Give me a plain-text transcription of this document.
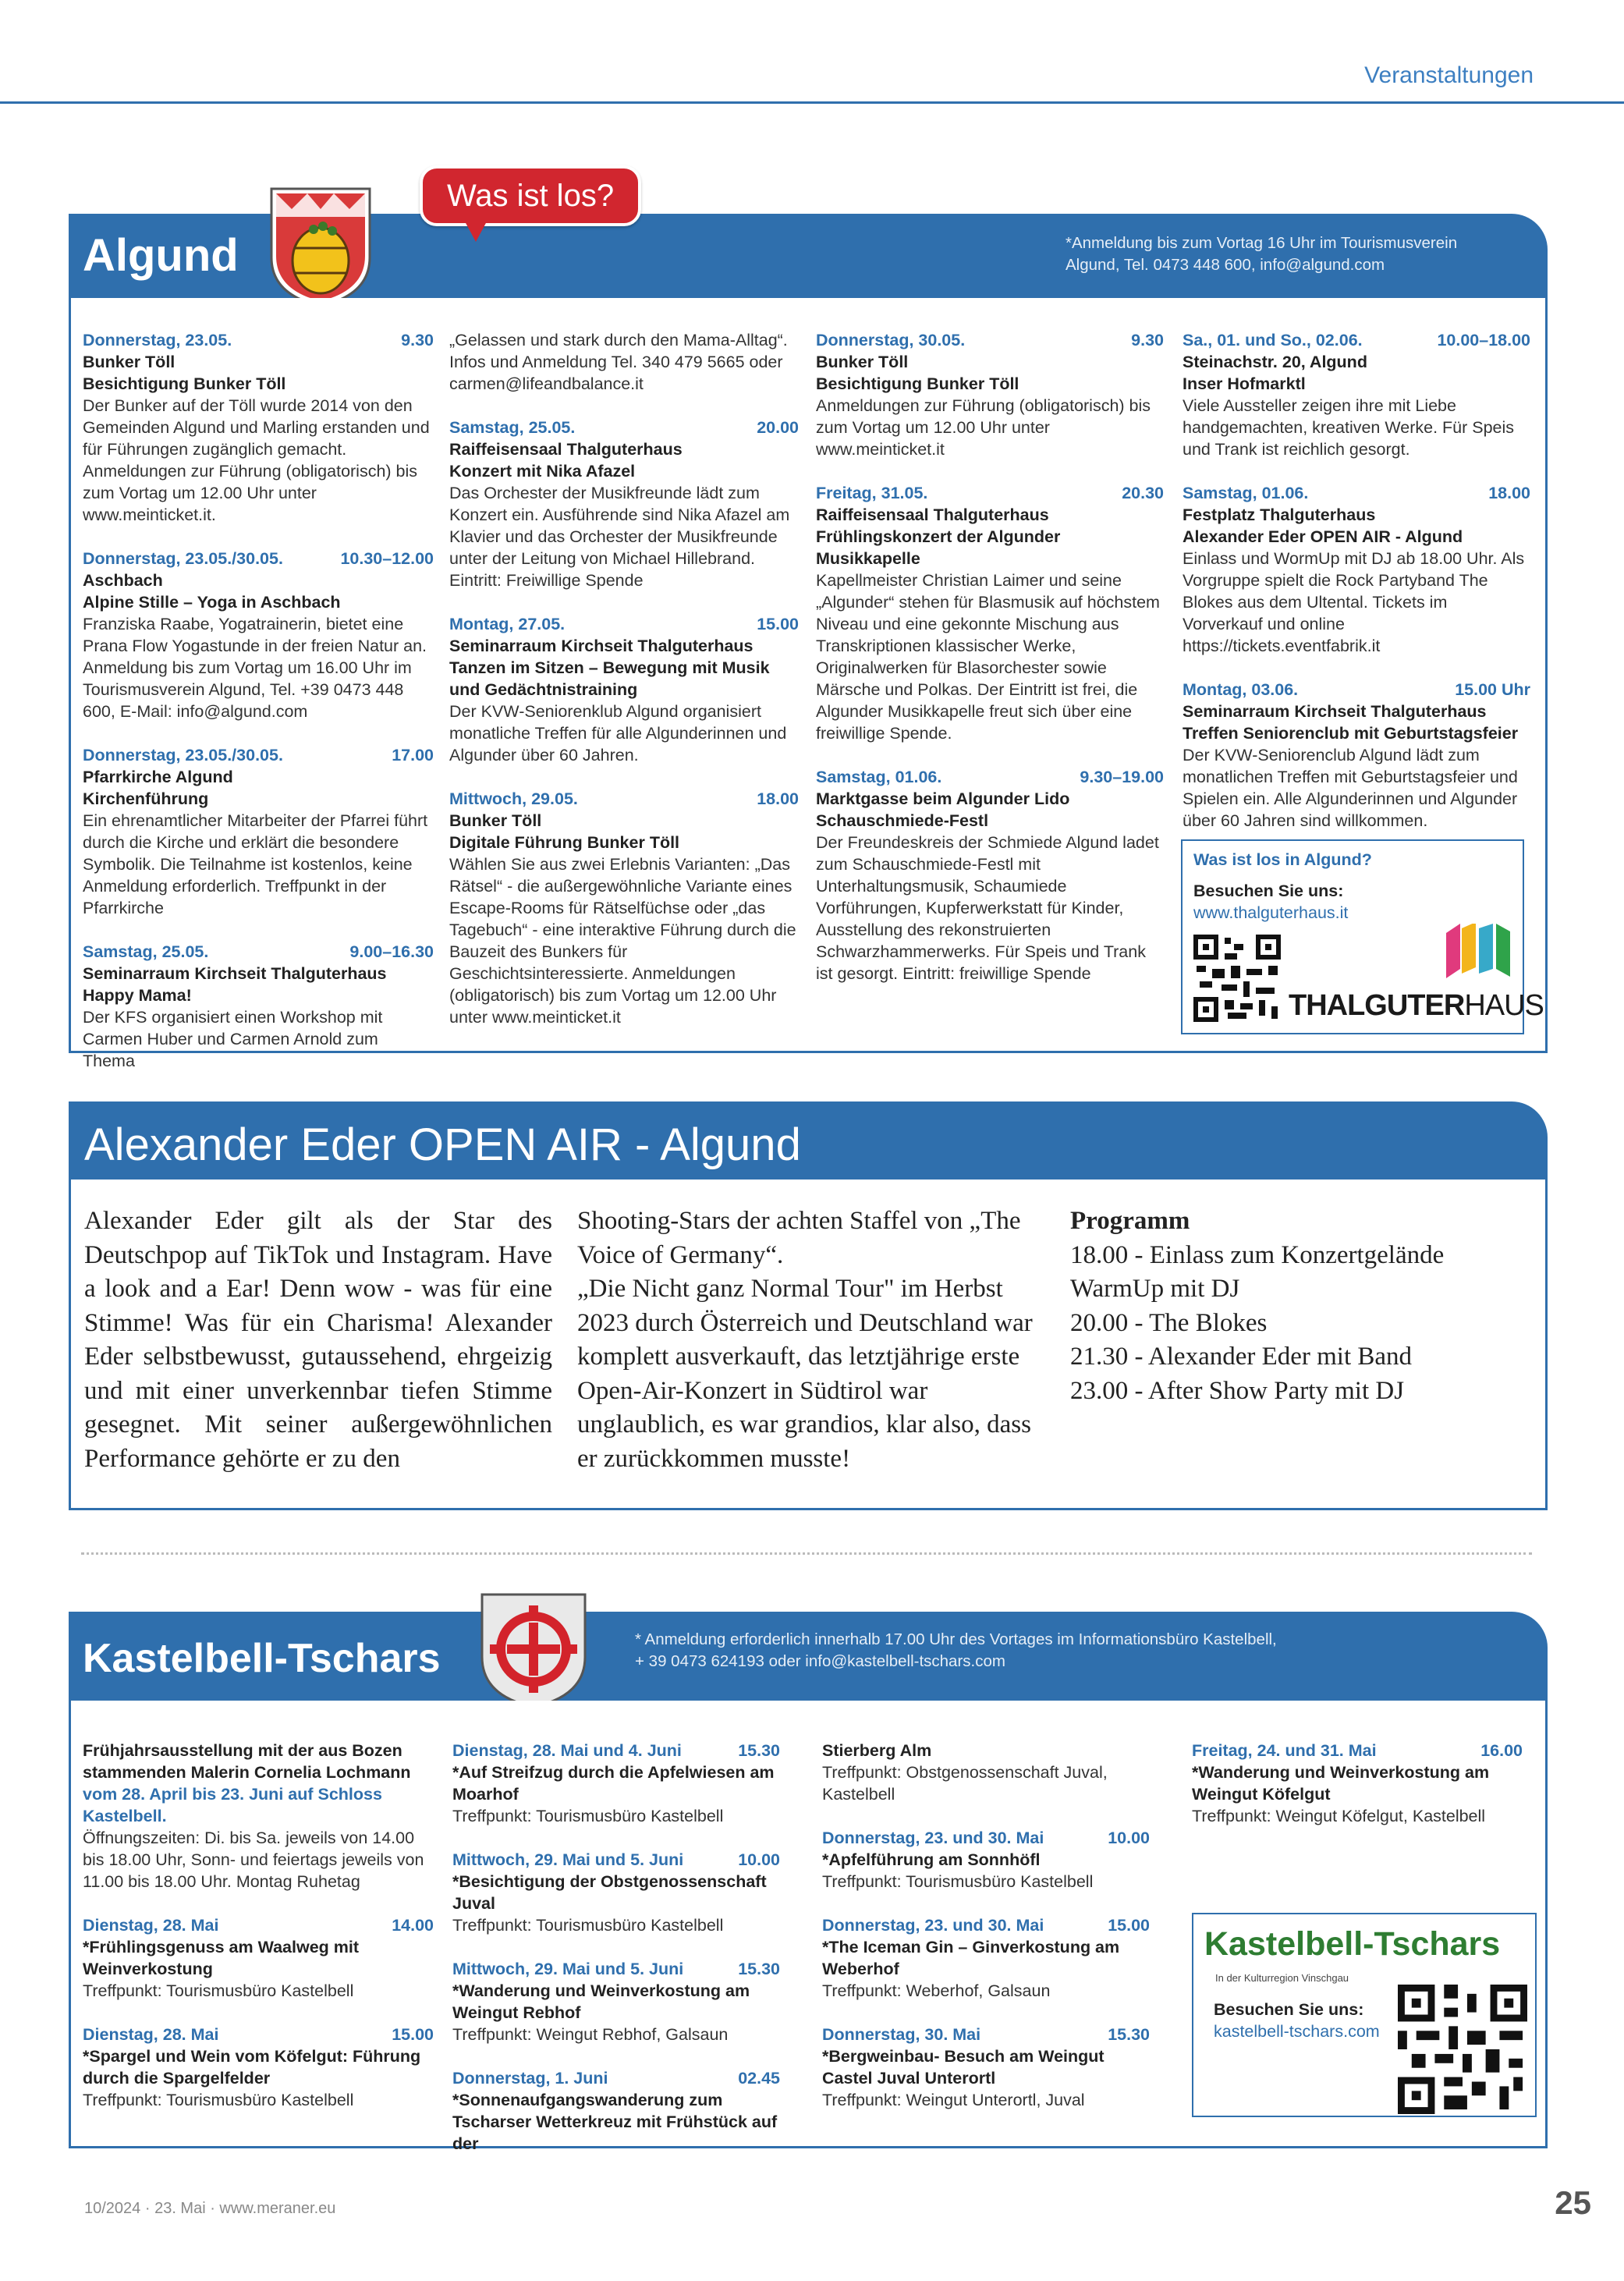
Veranstaltungen
Algund	*Anmeldung bis zum Vortag 16 Uhr im Tourismusverein
Algund, Tel. 0473 448 600, info@algund.com
Was ist los?
Donnerstag, 23.05.	9.30
Bunker Töll
Besichtigung Bunker Töll
Der Bunker auf der Töll wurde 2014 von den Gemeinden Algund und Marling erstanden und für Führungen zugänglich gemacht. Anmeldungen zur Führung (obligatorisch) bis zum Vortag um 12.00 Uhr unter www.meinticket.it.
Donnerstag, 23.05./30.05.	10.30–12.00
Aschbach
Alpine Stille – Yoga in Aschbach
Franziska Raabe, Yogatrainerin, bietet eine Prana Flow Yogastunde in der freien Natur an. Anmeldung bis zum Vortag um 16.00 Uhr im Tourismusverein Algund, Tel. +39 0473 448 600, E-Mail: info@algund.com
Donnerstag, 23.05./30.05.	17.00
Pfarrkirche Algund
Kirchenführung
Ein ehrenamtlicher Mitarbeiter der Pfarrei führt durch die Kirche und erklärt die besondere Symbolik. Die Teilnahme ist kostenlos, keine Anmeldung erforderlich. Treffpunkt in der Pfarrkirche
Samstag, 25.05.	9.00–16.30
Seminarraum Kirchseit Thalguterhaus
Happy Mama!
Der KFS organisiert einen Workshop mit Carmen Huber und Carmen Arnold zum Thema
„Gelassen und stark durch den Mama-Alltag“. Infos und Anmeldung Tel. 340 479 5665 oder carmen@lifeandbalance.it
Samstag, 25.05.	20.00
Raiffeisensaal Thalguterhaus
Konzert mit Nika Afazel
Das Orchester der Musikfreunde lädt zum Konzert ein. Ausführende sind Nika Afazel am Klavier und das Orchester der Musikfreunde unter der Leitung von Michael Hillebrand. Eintritt: Freiwillige Spende
Montag, 27.05.	15.00
Seminarraum Kirchseit Thalguterhaus
Tanzen im Sitzen – Bewegung mit Musik und Gedächtnistraining
Der KVW-Seniorenklub Algund organisiert monatliche Treffen für alle Algunderinnen und Algunder über 60 Jahren.
Mittwoch, 29.05.	18.00
Bunker Töll
Digitale Führung Bunker Töll
Wählen Sie aus zwei Erlebnis Varianten: „Das Rätsel“ - die außergewöhnliche Variante eines Escape-Rooms für Rätselfüchse oder „das Tagebuch“ - eine interaktive Führung durch die Bauzeit des Bunkers für Geschichtsinteressierte. Anmeldungen (obligatorisch) bis zum Vortag um 12.00 Uhr unter www.meinticket.it
Donnerstag, 30.05.	9.30
Bunker Töll
Besichtigung Bunker Töll
Anmeldungen zur Führung (obligatorisch) bis zum Vortag um 12.00 Uhr unter www.meinticket.it
Freitag, 31.05.	20.30
Raiffeisensaal Thalguterhaus
Frühlingskonzert der Algunder Musikkapelle
Kapellmeister Christian Laimer und seine „Algunder“ stehen für Blasmusik auf höchstem Niveau und eine gekonnte Mischung aus Transkriptionen klassischer Werke, Originalwerken für Blasorchester sowie Märsche und Polkas. Der Eintritt ist frei, die Algunder Musikkapelle freut sich über eine freiwillige Spende.
Samstag, 01.06.	9.30–19.00
Marktgasse beim Algunder Lido
Schauschmiede-Festl
Der Freundeskreis der Schmiede Algund ladet zum Schauschmiede-Festl mit Unterhaltungsmusik, Schaumiede Vorführungen, Kupferwerkstatt für Kinder, Ausstellung des rekonstruierten Schwarzhammerwerks. Für Speis und Trank ist gesorgt. Eintritt: freiwillige Spende
Sa., 01. und So., 02.06.	10.00–18.00
Steinachstr. 20, Algund
Inser Hofmarktl
Viele Aussteller zeigen ihre mit Liebe handgemachten, kreativen Werke. Für Speis und Trank ist reichlich gesorgt.
Samstag, 01.06.	18.00
Festplatz Thalguterhaus
Alexander Eder OPEN AIR - Algund
Einlass und WormUp mit DJ ab 18.00 Uhr. Als Vorgruppe spielt die Rock Partyband The Blokes aus dem Ultental. Tickets im Vorverkauf und online https://tickets.eventfabrik.it
Montag, 03.06.	15.00 Uhr
Seminarraum Kirchseit Thalguterhaus
Treffen Seniorenclub mit Geburtstagsfeier
Der KVW-Seniorenclub Algund lädt zum monatlichen Treffen mit Geburtstagsfeier und Spielen ein. Alle Algunderinnen und Algunder über 60 Jahren sind willkommen.
Was ist los in Algund?
Besuchen Sie uns:
www.thalguterhaus.it
THALGUTERHAUS
Alexander Eder OPEN AIR - Algund
Alexander Eder gilt als der Star des Deutschpop auf TikTok und Instagram. Have a look and a Ear! Denn wow - was für eine Stimme! Was für ein Charisma! Alexander Eder selbstbewusst, gutaussehend, ehrgeizig und mit einer unverkennbar tiefen Stimme gesegnet. Mit seiner außergewöhnlichen Performance gehörte er zu den
Shooting-Stars der achten Staffel von „The Voice of Germany“.
„Die Nicht ganz Normal Tour" im Herbst 2023 durch Österreich und Deutschland war komplett ausverkauft, das letztjährige erste Open-Air-Konzert in Südtirol war unglaublich, es war grandios, klar also, dass er zurückkommen musste!
Programm
18.00 - Einlass zum Konzertgelände
WarmUp mit DJ
20.00 - The Blokes
21.30 - Alexander Eder mit Band
23.00 - After Show Party mit DJ
Kastelbell-Tschars	* Anmeldung erforderlich innerhalb 17.00 Uhr des Vortages im Informationsbüro Kastelbell,
+ 39 0473 624193 oder info@kastelbell-tschars.com
Frühjahrsausstellung mit der aus Bozen stammenden Malerin Cornelia Lochmann
vom 28. April bis 23. Juni auf Schloss Kastelbell.
Öffnungszeiten: Di. bis Sa. jeweils von 14.00 bis 18.00 Uhr, Sonn- und feiertags jeweils von 11.00 bis 18.00 Uhr. Montag Ruhetag
Dienstag, 28. Mai	14.00
*Frühlingsgenuss am Waalweg mit Weinverkostung
Treffpunkt: Tourismusbüro Kastelbell
Dienstag, 28. Mai	15.00
*Spargel und Wein vom Köfelgut: Führung durch die Spargelfelder
Treffpunkt: Tourismusbüro Kastelbell
Dienstag, 28. Mai und 4. Juni	15.30
*Auf Streifzug durch die Apfelwiesen am Moarhof
Treffpunkt: Tourismusbüro Kastelbell
Mittwoch, 29. Mai und 5. Juni	10.00
*Besichtigung der Obstgenossenschaft Juval
Treffpunkt: Tourismusbüro Kastelbell
Mittwoch, 29. Mai und 5. Juni	15.30
*Wanderung und Weinverkostung am Weingut Rebhof
Treffpunkt: Weingut Rebhof, Galsaun
Donnerstag, 1. Juni	02.45
*Sonnenaufgangswanderung zum Tscharser Wetterkreuz mit Frühstück auf der
Stierberg Alm
Treffpunkt: Obstgenossenschaft Juval, Kastelbell
Donnerstag, 23. und 30. Mai	10.00
*Apfelführung am Sonnhöfl
Treffpunkt: Tourismusbüro Kastelbell
Donnerstag, 23. und 30. Mai	15.00
*The Iceman Gin – Ginverkostung am Weberhof
Treffpunkt: Weberhof, Galsaun
Donnerstag, 30. Mai	15.30
*Bergweinbau- Besuch am Weingut Castel Juval Unterortl
Treffpunkt: Weingut Unterortl, Juval
Freitag, 24. und 31. Mai	16.00
*Wanderung und Weinverkostung am Weingut Köfelgut
Treffpunkt: Weingut Köfelgut, Kastelbell
Kastelbell-Tschars
In der Kulturregion Vinschgau
Besuchen Sie uns:
kastelbell-tschars.com
10/2024 · 23. Mai · www.meraner.eu	25
